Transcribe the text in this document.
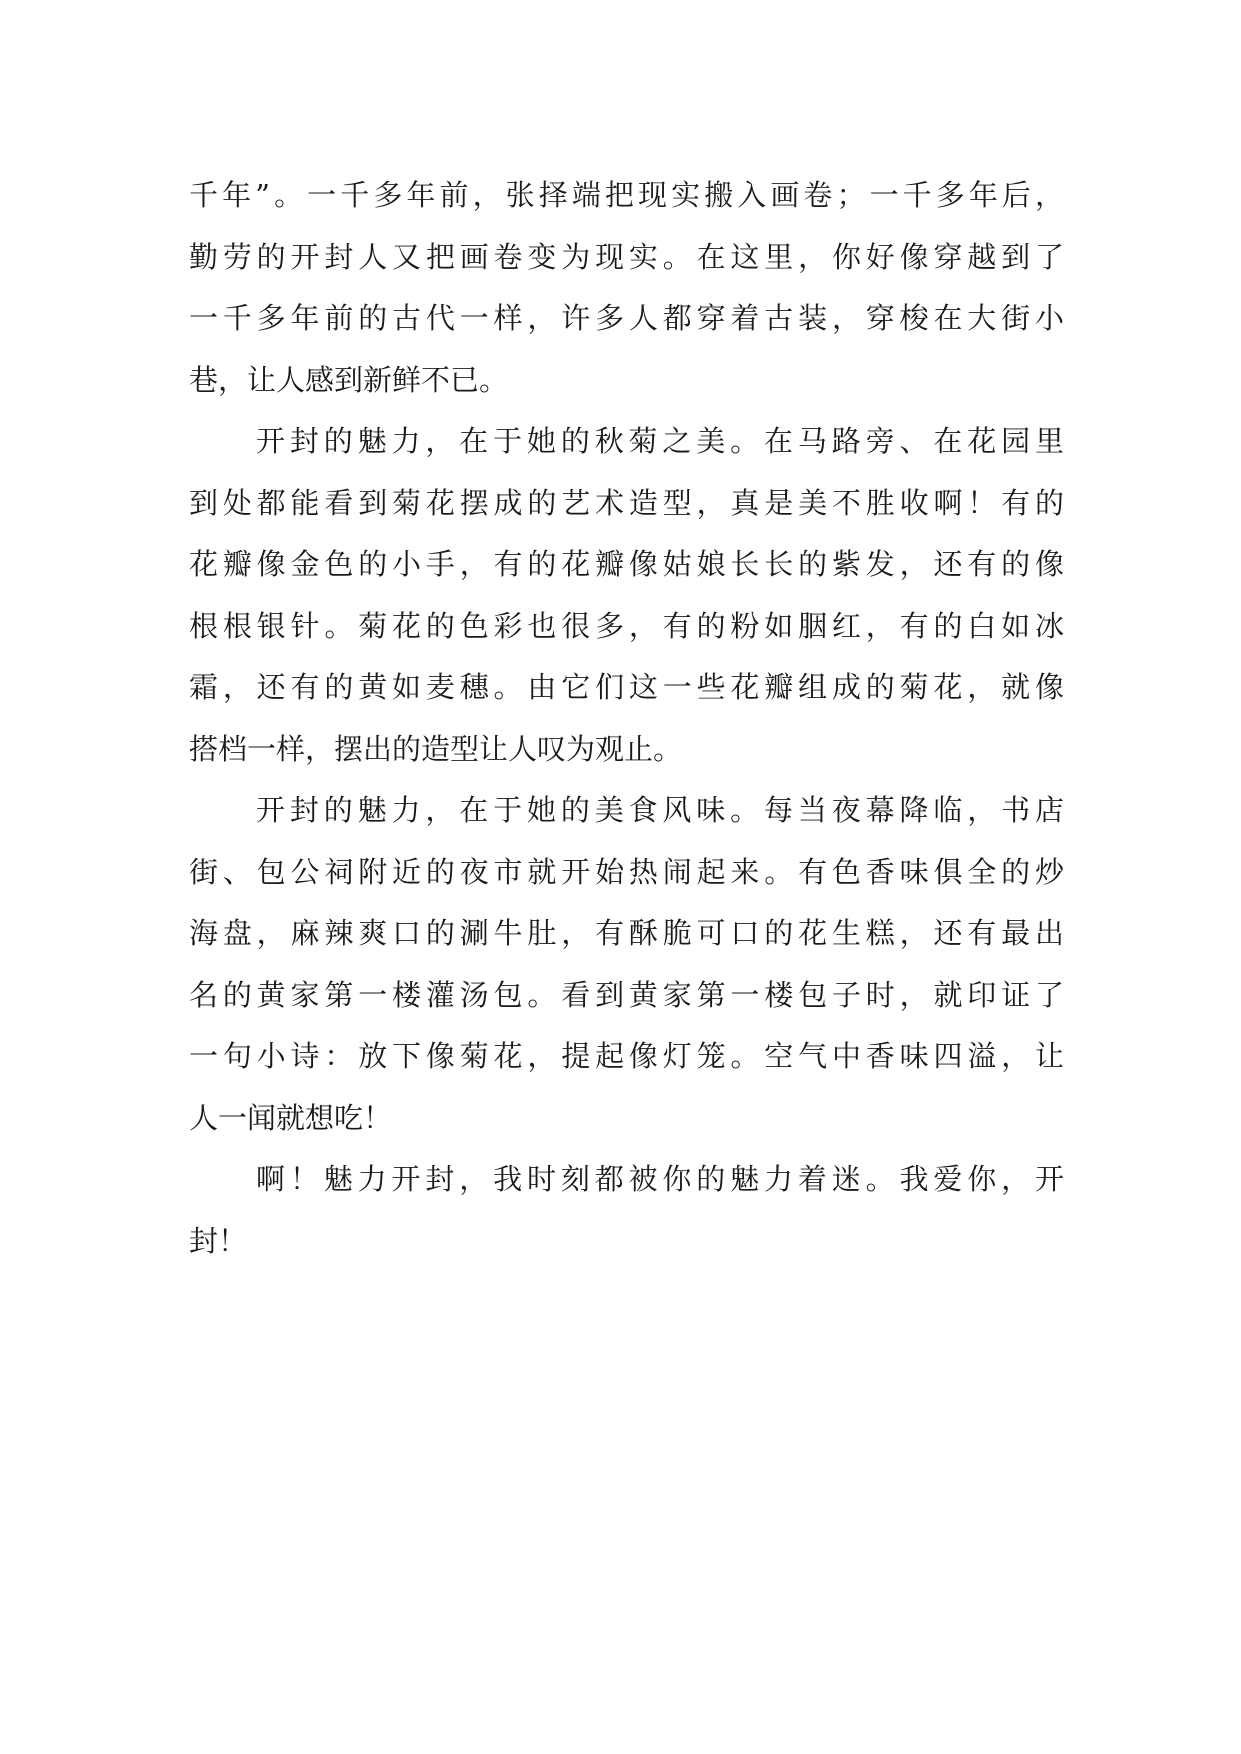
千年”。一千多年前，张择端把现实搬入画卷；一千多年后，
勤劳的开封人又把画卷变为现实。在这里，你好像穿越到了
一千多年前的古代一样，许多人都穿着古装，穿梭在大街小
巷，让人感到新鲜不已。
开封的魅力，在于她的秋菊之美。在马路旁、在花园里
到处都能看到菊花摆成的艺术造型，真是美不胜收啊！有的
花瓣像金色的小手，有的花瓣像姑娘长长的紫发，还有的像
根根银针。菊花的色彩也很多，有的粉如胭红，有的白如冰
霜，还有的黄如麦穗。由它们这一些花瓣组成的菊花，就像
搭档一样，摆出的造型让人叹为观止。
开封的魅力，在于她的美食风味。每当夜幕降临，书店
街、包公祠附近的夜市就开始热闹起来。有色香味俱全的炒
海盘，麻辣爽口的涮牛肚，有酥脆可口的花生糕，还有最出
名的黄家第一楼灌汤包。看到黄家第一楼包子时，就印证了
一句小诗：放下像菊花，提起像灯笼。空气中香味四溢，让
人一闻就想吃！
啊！魅力开封，我时刻都被你的魅力着迷。我爱你，开
封！
